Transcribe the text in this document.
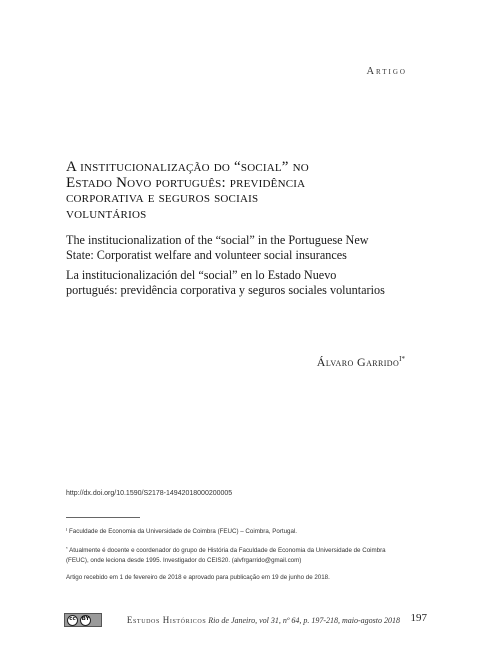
Artigo
A institucionalização do “social” no
Estado Novo português: previdência
corporativa e seguros sociais
voluntários
The institucionalization of the “social” in the Portuguese New
State: Corporatist welfare and volunteer social insurances
La institucionalización del “social” en lo Estado Nuevo
portugués: previdência corporativa y seguros sociales voluntarios
Álvaro Garrido$^{I*}$
http://dx.doi.org/10.1590/S2178-14942018000200005
$^I$ Faculdade de Economia da Universidade de Coimbra (FEUC) – Coimbra, Portugal.
* Atualmente é docente e coordenador do grupo de História da Faculdade de Economia da Universidade de Coimbra
(FEUC), onde leciona desde 1995. Investigador do CEIS20. (alvfrgarrido@gmail.com)
Artigo recebido em 1 de fevereiro de 2018 e aprovado para publicação em 19 de junho de 2018.
cc	BY	Estudos Históricos Rio de Janeiro, vol 31, nº 64, p. 197-218, maio-agosto 2018 197
